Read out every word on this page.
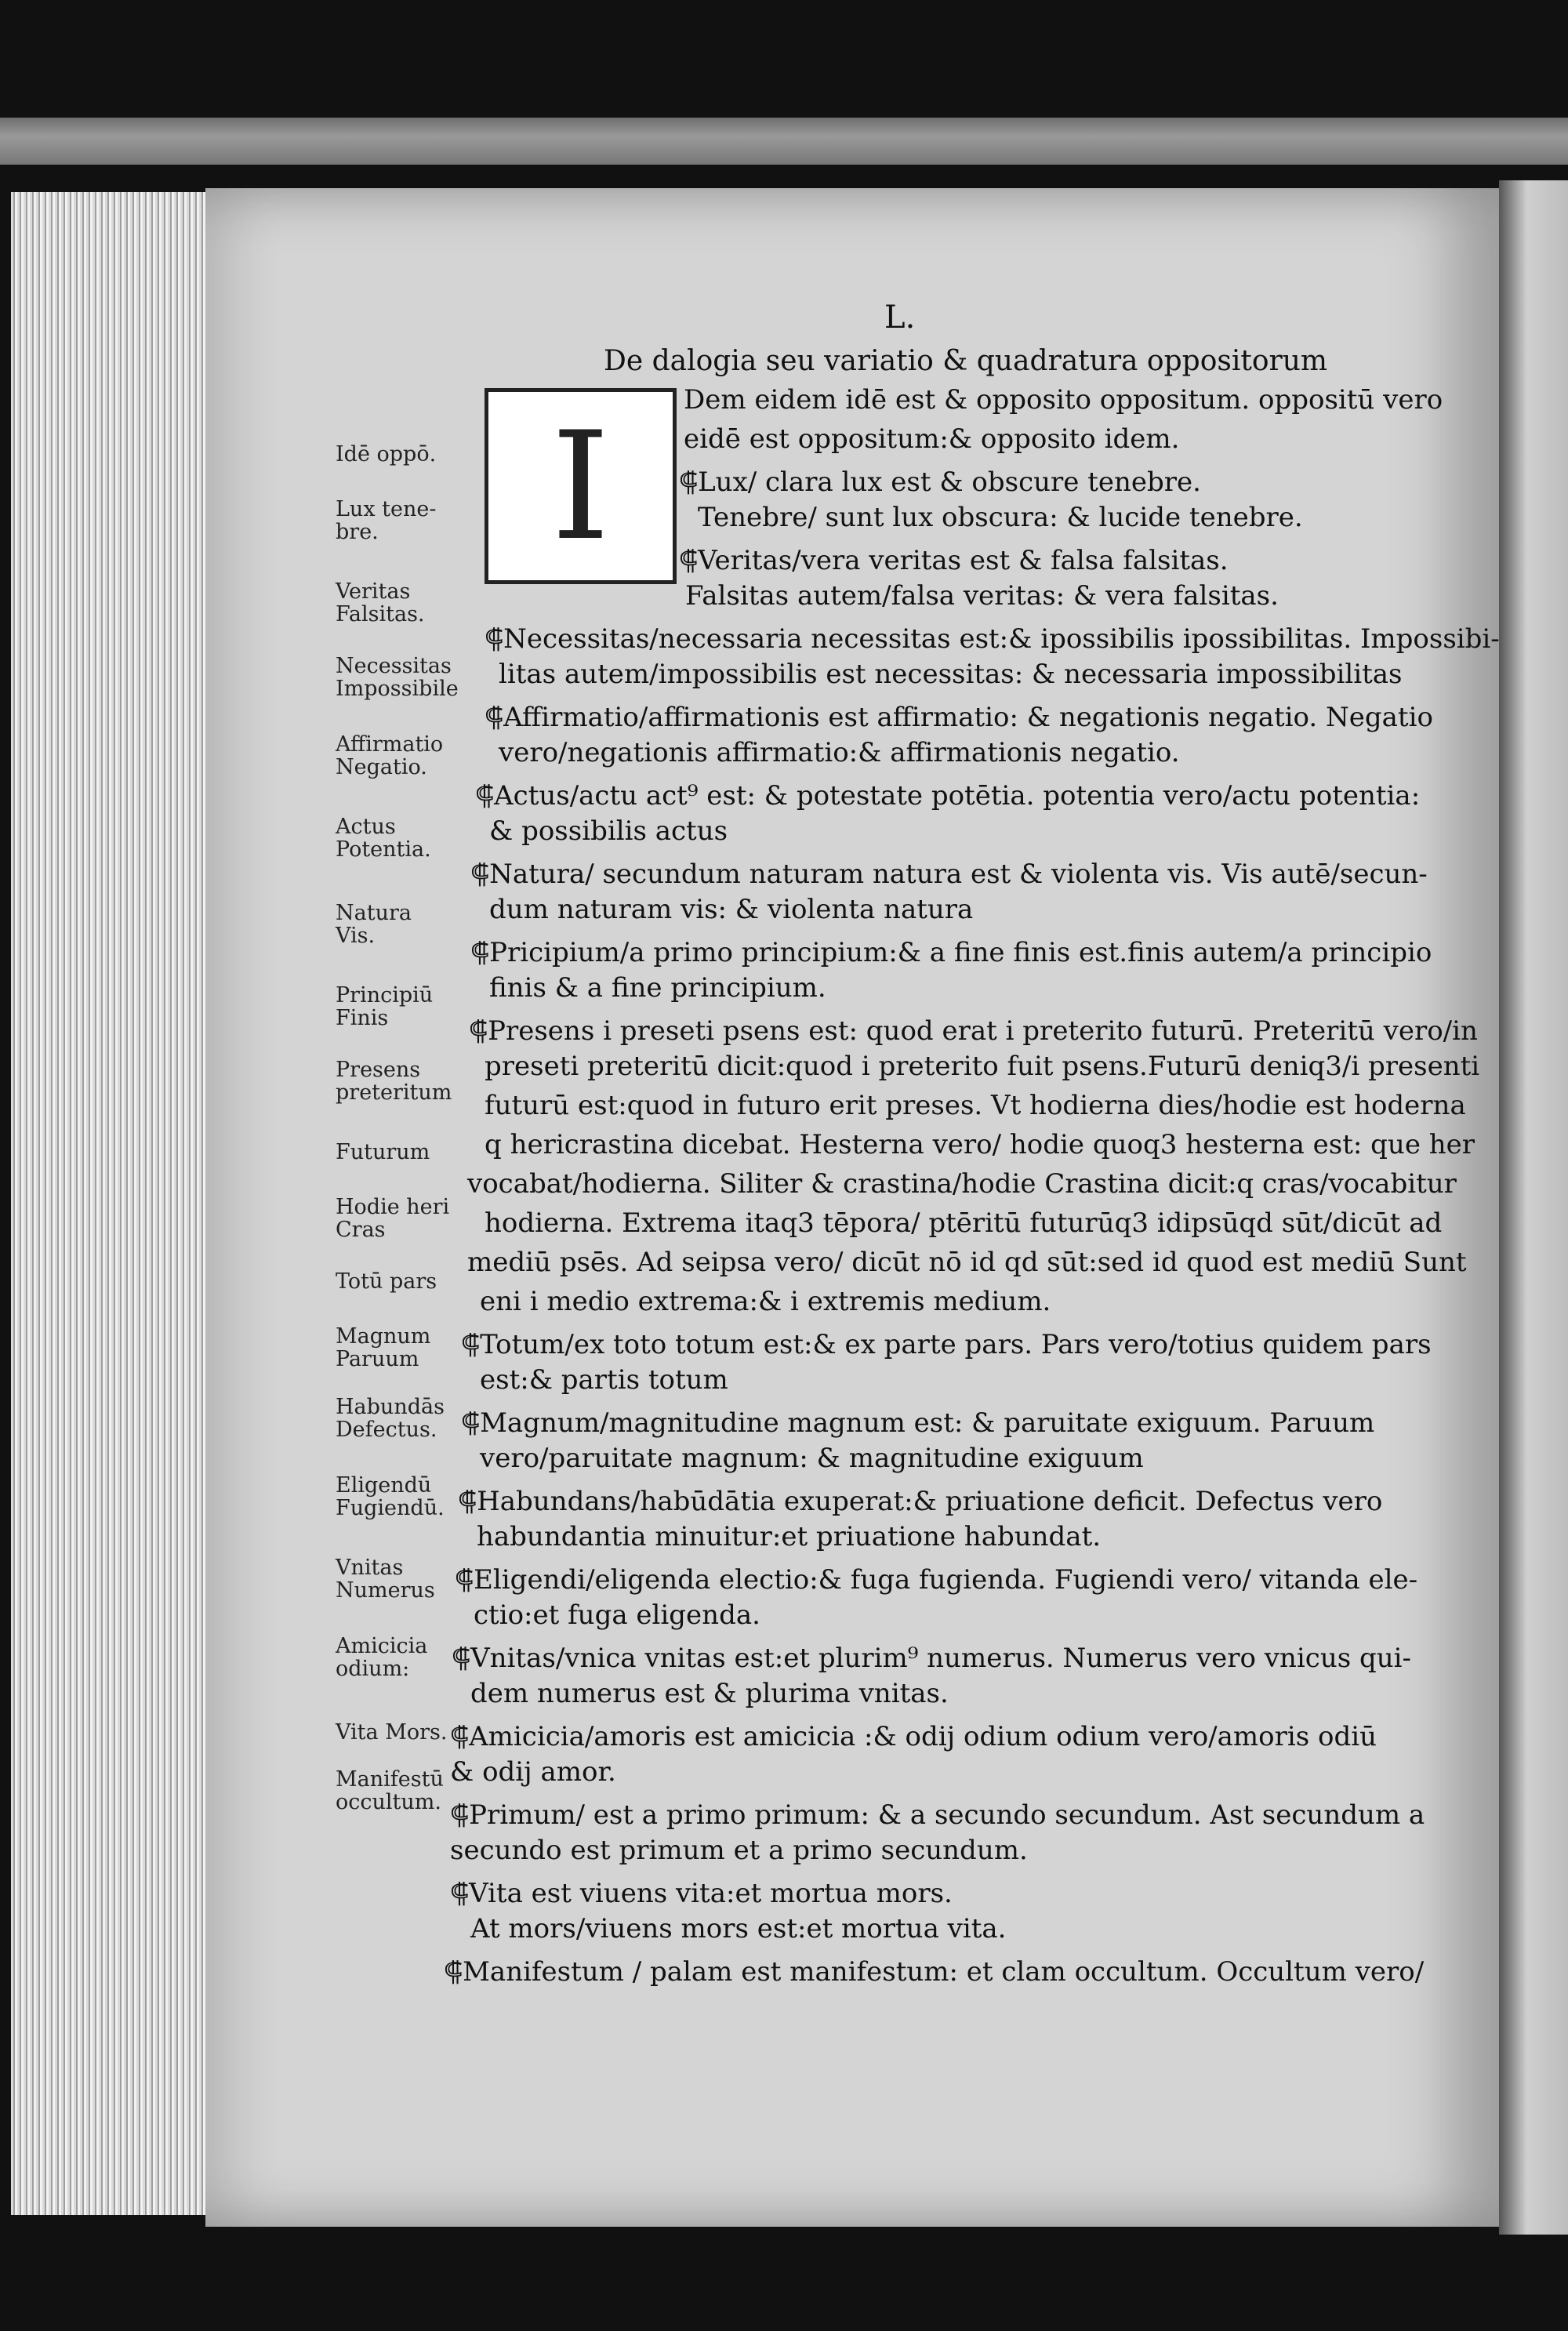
L.

De dalogia seu variatio & quadratura oppositorum

I	Dem eidem idē est & opposito oppositum. oppositū vero

eidē est oppositum:& opposito idem.

⸿Lux/ clara lux est & obscure tenebre.

Tenebre/ sunt lux obscura: & lucide tenebre.

⸿Veritas/vera veritas est & falsa falsitas.

Falsitas autem/falsa veritas: & vera falsitas.

⸿Necessitas/necessaria necessitas est:& ipossibilis ipossibilitas. Impossibi-

litas autem/impossibilis est necessitas: & necessaria impossibilitas

⸿Affirmatio/affirmationis est affirmatio: & negationis negatio. Negatio

vero/negationis affirmatio:& affirmationis negatio.

⸿Actus/actu act⁹ est: & potestate potētia. potentia vero/actu potentia:

& possibilis actus

⸿Natura/ secundum naturam natura est & violenta vis. Vis autē/secun-

dum naturam vis: & violenta natura

⸿Pricipium/a primo principium:& a fine finis est.finis autem/a principio

finis & a fine principium.

⸿Presens i preseti psens est: quod erat i preterito futurū. Preteritū vero/in

preseti preteritū dicit:quod i preterito fuit psens.Futurū deniq3/i presenti

futurū est:quod in futuro erit preses. Vt hodierna dies/hodie est hoderna

q hericrastina dicebat. Hesterna vero/ hodie quoq3 hesterna est: que her

vocabat/hodierna. Siliter & crastina/hodie Crastina dicit:q cras/vocabitur

hodierna. Extrema itaq3 tēpora/ ptēritū futurūq3 idipsūqd sūt/dicūt ad

mediū psēs. Ad seipsa vero/ dicūt nō id qd sūt:sed id quod est mediū Sunt

eni i medio extrema:& i extremis medium.

⸿Totum/ex toto totum est:& ex parte pars. Pars vero/totius quidem pars

est:& partis totum

⸿Magnum/magnitudine magnum est: & paruitate exiguum. Paruum

vero/paruitate magnum: & magnitudine exiguum

⸿Habundans/habūdātia exuperat:& priuatione deficit. Defectus vero

habundantia minuitur:et priuatione habundat.

⸿Eligendi/eligenda electio:& fuga fugienda. Fugiendi vero/ vitanda ele-

ctio:et fuga eligenda.

⸿Vnitas/vnica vnitas est:et plurim⁹ numerus. Numerus vero vnicus qui-

dem numerus est & plurima vnitas.

⸿Amicicia/amoris est amicicia :& odij odium odium vero/amoris odiū

& odij amor.

⸿Primum/ est a primo primum: & a secundo secundum. Ast secundum a

secundo est primum et a primo secundum.

⸿Vita est viuens vita:et mortua mors.

At mors/viuens mors est:et mortua vita.

⸿Manifestum / palam est manifestum: et clam occultum. Occultum vero/

Idē oppō.

Lux tene-
bre.

Veritas
Falsitas.

Necessitas
Impossibile

Affirmatio
Negatio.

Actus
Potentia.

Natura
Vis.

Principiū
Finis

Presens
preteritum

Futurum

Hodie heri
Cras

Totū pars

Magnum
Paruum

Habundās
Defectus.

Eligendū
Fugiendū.

Vnitas
Numerus

Amicicia
odium:

Vita Mors.

Manifestū
occultum.
